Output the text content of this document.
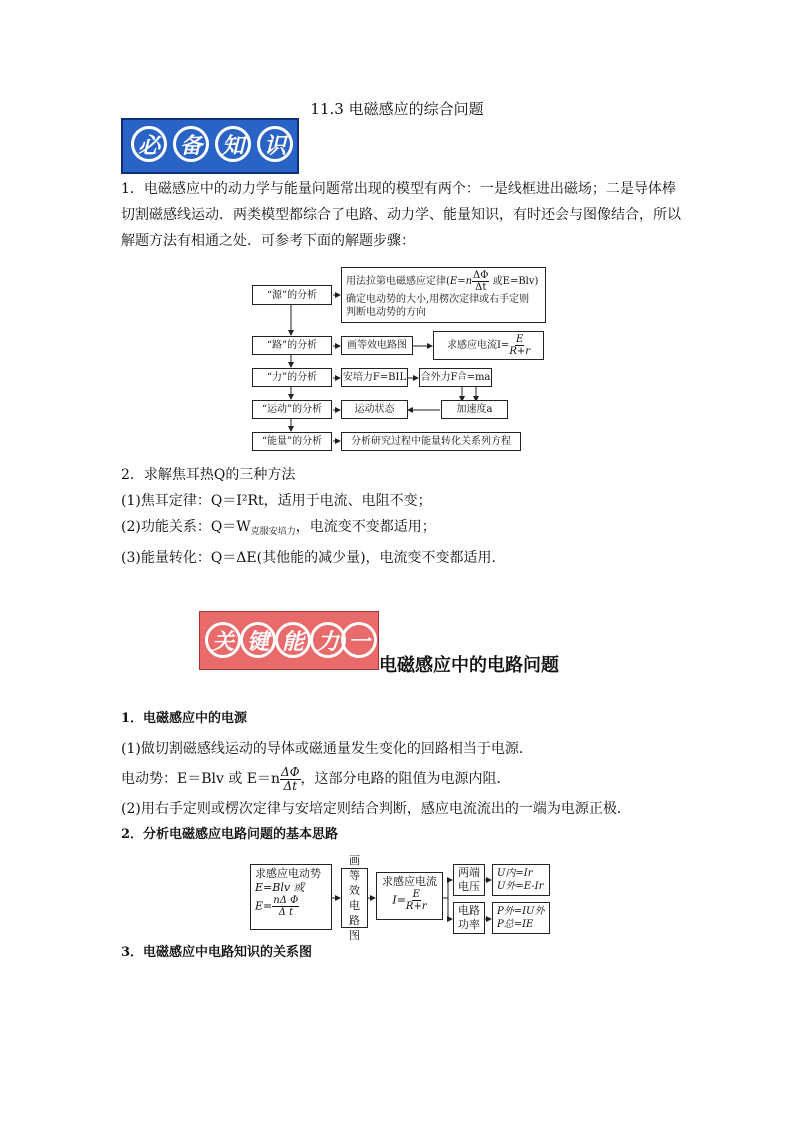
11.3 电磁感应的综合问题
必 备 知 识
1．电磁感应中的动力学与能量问题常出现的模型有两个：一是线框进出磁场；二是导体棒
切割磁感线运动．两类模型都综合了电路、动力学、能量知识，有时还会与图像结合，所以
解题方法有相通之处．可参考下面的解题步骤：
“源”的分析
“路”的分析
“力”的分析
“运动”的分析
“能量”的分析
用法拉第电磁感应定律($E=n \frac{\Delta\Phi}{\Delta t}$ 或E=Blv)
确定电动势的大小,用楞次定律或右手定则
判断电动势的方向
画等效电路图	求感应电流$I= \frac{E}{R+r}$
安培力F=BIL 合外力F 合 =ma
运动状态	加速度a
分析研究过程中能量转化关系列方程
2．求解焦耳热Q的三种方法
(1)焦耳定律：Q＝I²Rt，适用于电流、电阻不变；
(2)功能关系：$Q=W_{克服安培力}$，电流变不变都适用；
(3)能量转化：Q＝ΔE(其他能的减少量)，电流变不变都适用．
关 键 能 力 一
电磁感应中的电路问题
1．电磁感应中的电源
(1)做切割磁感线运动的导体或磁通量发生变化的回路相当于电源．
电动势：E＝Blv 或 $E=n \frac{\Delta\Phi}{\Delta t}$ ，这部分电路的阻值为电源内阻．
(2)用右手定则或楞次定律与安培定则结合判断，感应电流流出的一端为电源正极．
2．分析电磁感应电路问题的基本思路
求感应电动势
E=Blv 或
$E= \frac{\text{nΔ Φ}}{\text{Δ t}}$
画等效电路图
求感应电流
$I= \frac{E}{R+r}$
两端电压
电路功率
U内=Ir
U外=E-Ir
P外=IU外
P总=IE
3．电磁感应中电路知识的关系图
